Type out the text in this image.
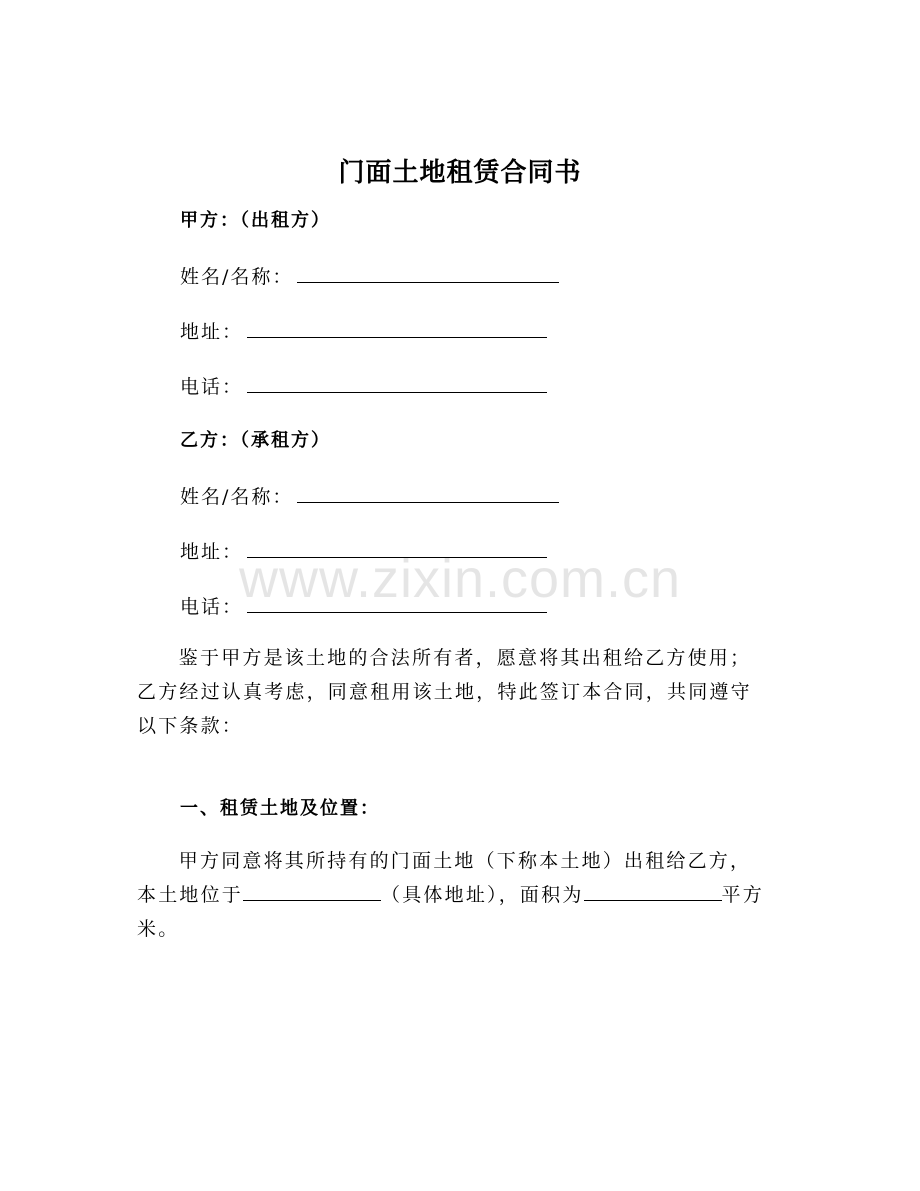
门面土地租赁合同书
甲方：（出租方）
姓名/名称：
地址：
电话：
乙方：（承租方）
姓名/名称：
地址：
电话：

鉴于甲方是该土地的合法所有者，愿意将其出租给乙方使用；乙方经过认真考虑，同意租用该土地，特此签订本合同，共同遵守以下条款：

一、租赁土地及位置：

甲方同意将其所持有的门面土地（下称本土地）出租给乙方，本土地位于	（具体地址），面积为	平方米。

www.zixin.com.cn
